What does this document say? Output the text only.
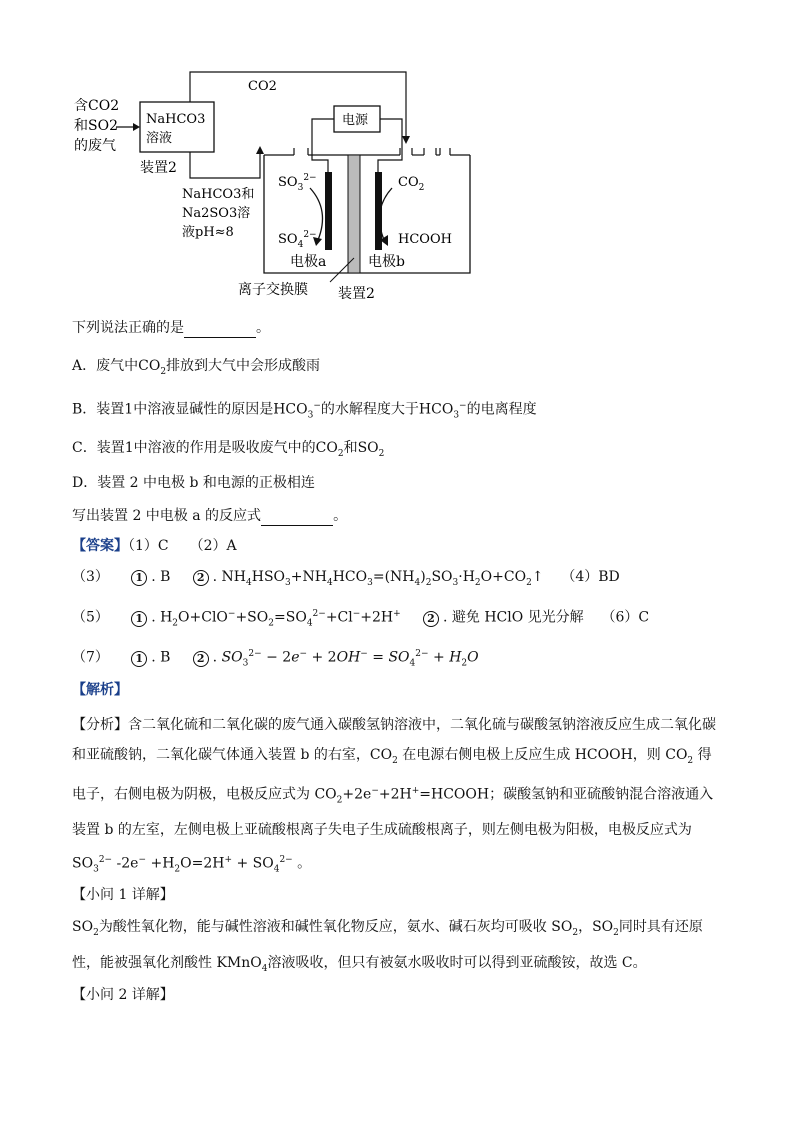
含CO2
和SO2
的废气
NaHCO3
溶液
装置2
CO2
电源
$SO_3^{2-}$
$SO_4^{2-}$
$CO_2$
HCOOH
电极a	电极b
NaHCO3和
Na2SO3溶
液pH≈8
离子交换膜 装置2
下列说法正确的是	。
A．废气中$CO_2$排放到大气中会形成酸雨
B．装置1中溶液显碱性的原因是$HCO_3^-$的水解程度大于$HCO_3^-$的电离程度
C．装置1中溶液的作用是吸收废气中的$CO_2$和$SO_2$
D．装置 2 中电极 b 和电源的正极相连
写出装置 2 中电极 a 的反应式	。
【答案】（1）C　　（2）A
（3） 1 . B 2 . $NH_4HSO_3+NH_4HCO_3=(NH_4)_2SO_3\cdot H_2O+CO_2↑$    （4）BD
（5） 1 . $H_2O+ClO^-+SO_2=SO_4^{2-}+Cl^-+2H^+$ 2 . 避免 HClO 见光分解 （6）C
（7） 1 . B 2 . $SO_3^{2-} - 2e^- + 2OH^- = SO_4^{2-} + H_2O$
【解析】
【分析】含二氧化硫和二氧化碳的废气通入碳酸氢钠溶液中，二氧化硫与碳酸氢钠溶液反应生成二氧化碳和亚硫酸钠，二氧化碳气体通入装置 b 的右室，$CO_2$ 在电源右侧电极上反应生成 HCOOH，则 $CO_2$ 得电子，右侧电极为阴极，电极反应式为 $CO_2+2e^-+2H^+=HCOOH$；碳酸氢钠和亚硫酸钠混合溶液通入装置 b 的左室，左侧电极上亚硫酸根离子失电子生成硫酸根离子，则左侧电极为阳极，电极反应式为 $SO_3^{2-}$ $-2e^- +H_2O=2H^+ + SO_4^{2-}$ 。
【小问 1 详解】
$SO_2$为酸性氧化物，能与碱性溶液和碱性氧化物反应，氨水、碱石灰均可吸收 $SO_2$，$SO_2$同时具有还原性，能被强氧化剂酸性 KMnO$_4$溶液吸收，但只有被氨水吸收时可以得到亚硫酸铵，故选 C。
【小问 2 详解】
